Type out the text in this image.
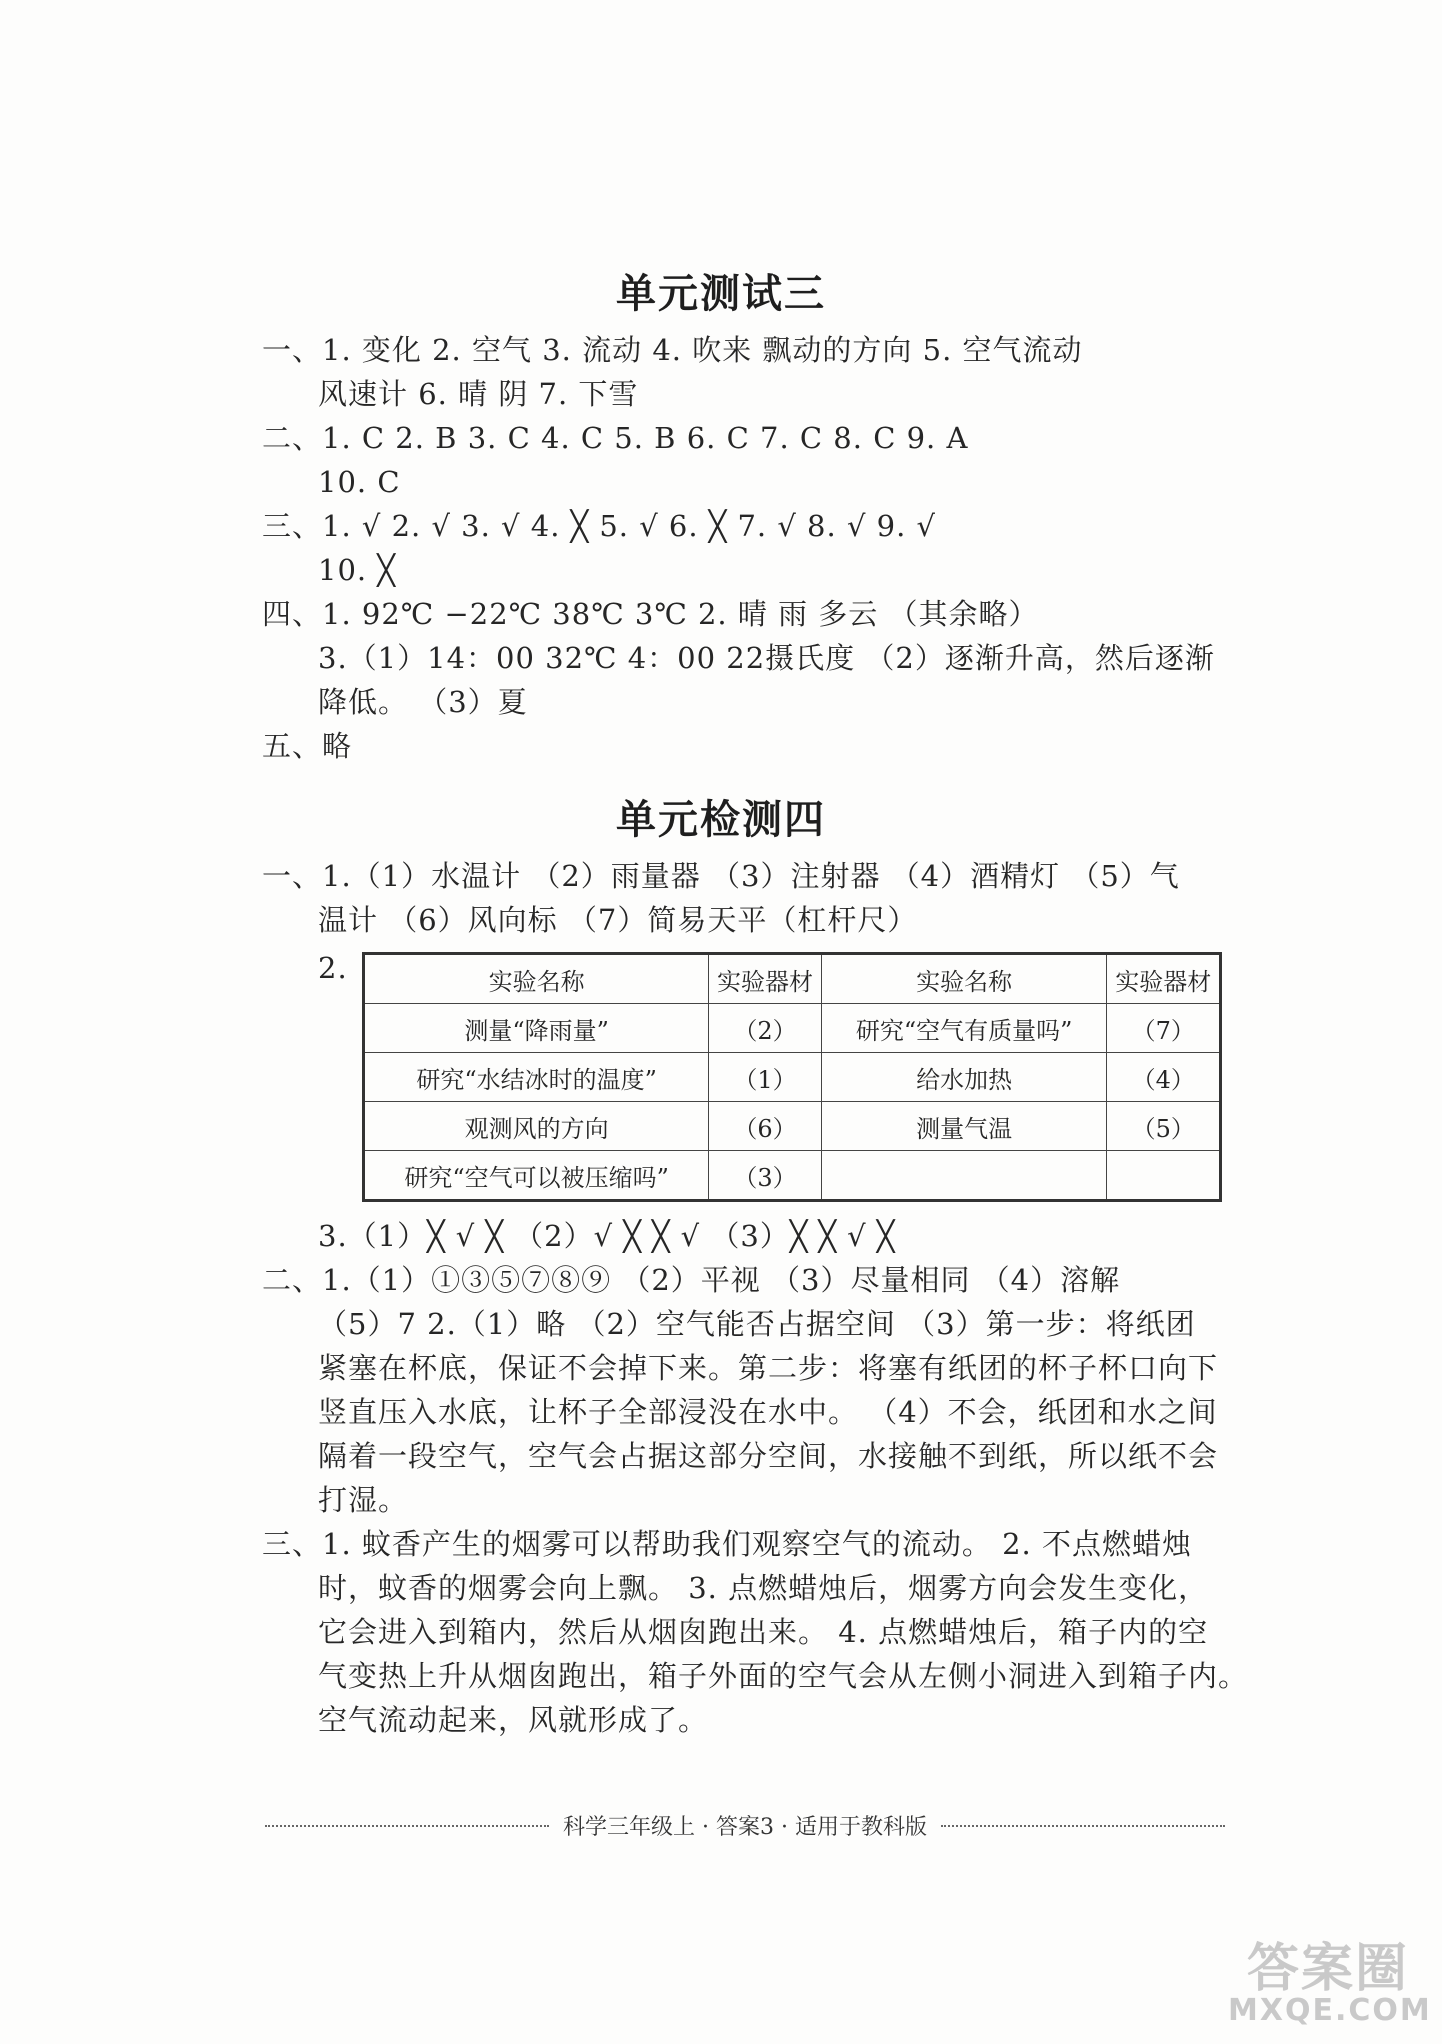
单元测试三
一、1. 变化 2. 空气 3. 流动 4. 吹来 飘动的方向 5. 空气流动
风速计 6. 晴 阴 7. 下雪
二、1. C 2. B 3. C 4. C 5. B 6. C 7. C 8. C 9. A
10. C
三、1. √ 2. √ 3. √ 4. ╳ 5. √ 6. ╳ 7. √ 8. √ 9. √
10. ╳
四、1. 92℃ −22℃ 38℃ 3℃ 2. 晴 雨 多云 （其余略）
3.（1）14：00 32℃ 4：00 22摄氏度 （2）逐渐升高，然后逐渐
降低。 （3）夏
五、略
单元检测四
一、1.（1）水温计 （2）雨量器 （3）注射器 （4）酒精灯 （5）气
温计 （6）风向标 （7）简易天平（杠杆尺）
2.	实验名称	实验器材	实验名称	实验器材
测量“降雨量”	（2）	研究“空气有质量吗”	（7）
研究“水结冰时的温度”	（1）	给水加热	（4）
观测风的方向	（6）	测量气温	（5）
研究“空气可以被压缩吗”	（3）		
3.（1）╳ √ ╳ （2）√ ╳ ╳ √ （3）╳ ╳ √ ╳
二、1.（1）①③⑤⑦⑧⑨ （2）平视 （3）尽量相同 （4）溶解
（5）7 2.（1）略 （2）空气能否占据空间 （3）第一步：将纸团
紧塞在杯底，保证不会掉下来。第二步：将塞有纸团的杯子杯口向下
竖直压入水底，让杯子全部浸没在水中。 （4）不会，纸团和水之间
隔着一段空气，空气会占据这部分空间，水接触不到纸，所以纸不会
打湿。
三、1. 蚊香产生的烟雾可以帮助我们观察空气的流动。 2. 不点燃蜡烛
时，蚊香的烟雾会向上飘。 3. 点燃蜡烛后，烟雾方向会发生变化，
它会进入到箱内，然后从烟囱跑出来。 4. 点燃蜡烛后，箱子内的空
气变热上升从烟囱跑出，箱子外面的空气会从左侧小洞进入到箱子内。
空气流动起来，风就形成了。
科学三年级上 · 答案3 · 适用于教科版
答案圈
MXQE.COM
